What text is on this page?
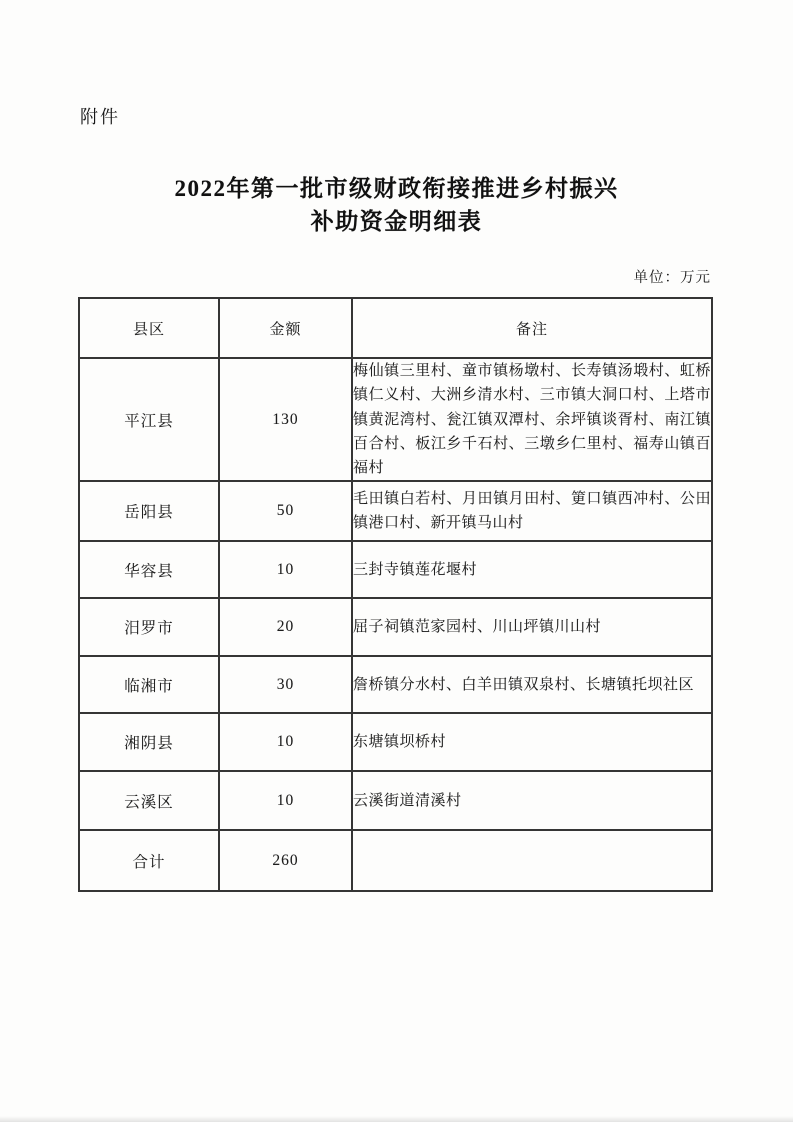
附件
2022年第一批市级财政衔接推进乡村振兴
补助资金明细表
单位：万元
县区	金额	备注
平江县	130	梅仙镇三里村、童市镇杨墩村、长寿镇汤塅村、虹桥镇仁义村、大洲乡清水村、三市镇大洞口村、上塔市镇黄泥湾村、瓮江镇双潭村、余坪镇谈胥村、南江镇百合村、板江乡千石村、三墩乡仁里村、福寿山镇百福村
岳阳县	50	毛田镇白若村、月田镇月田村、筻口镇西冲村、公田镇港口村、新开镇马山村
华容县	10	三封寺镇莲花堰村
汨罗市	20	屈子祠镇范家园村、川山坪镇川山村
临湘市	30	詹桥镇分水村、白羊田镇双泉村、长塘镇托坝社区
湘阴县	10	东塘镇坝桥村
云溪区	10	云溪街道清溪村
合计	260	
